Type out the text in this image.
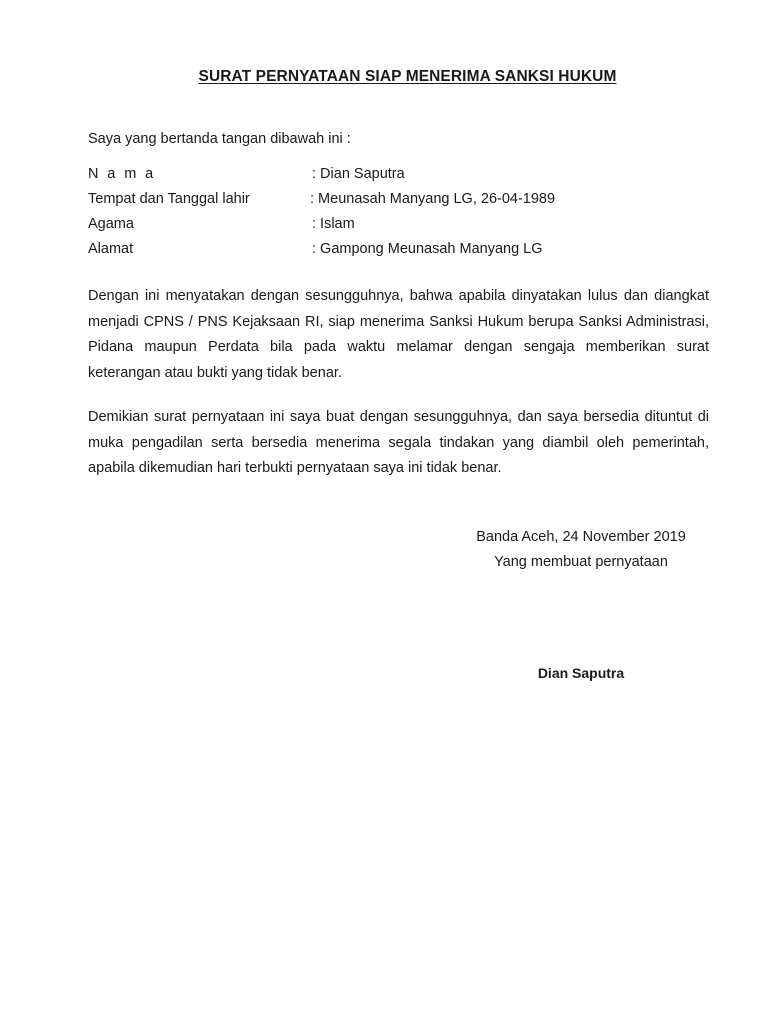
SURAT PERNYATAAN SIAP MENERIMA SANKSI HUKUM
Saya yang bertanda tangan dibawah ini :
N a m a	: Dian Saputra
Tempat dan Tanggal lahir	: Meunasah Manyang LG, 26-04-1989
Agama	: Islam
Alamat	: Gampong Meunasah Manyang LG
Dengan ini menyatakan dengan sesungguhnya, bahwa apabila dinyatakan lulus dan diangkat menjadi CPNS / PNS Kejaksaan RI, siap menerima Sanksi Hukum berupa Sanksi Administrasi, Pidana maupun Perdata bila pada waktu melamar dengan sengaja memberikan surat keterangan atau bukti yang tidak benar.
Demikian surat pernyataan ini saya buat dengan sesungguhnya, dan saya bersedia dituntut di muka pengadilan serta bersedia menerima segala tindakan yang diambil oleh pemerintah, apabila dikemudian hari terbukti pernyataan saya ini tidak benar.
Banda Aceh, 24 November 2019
Yang membuat pernyataan
Dian Saputra
